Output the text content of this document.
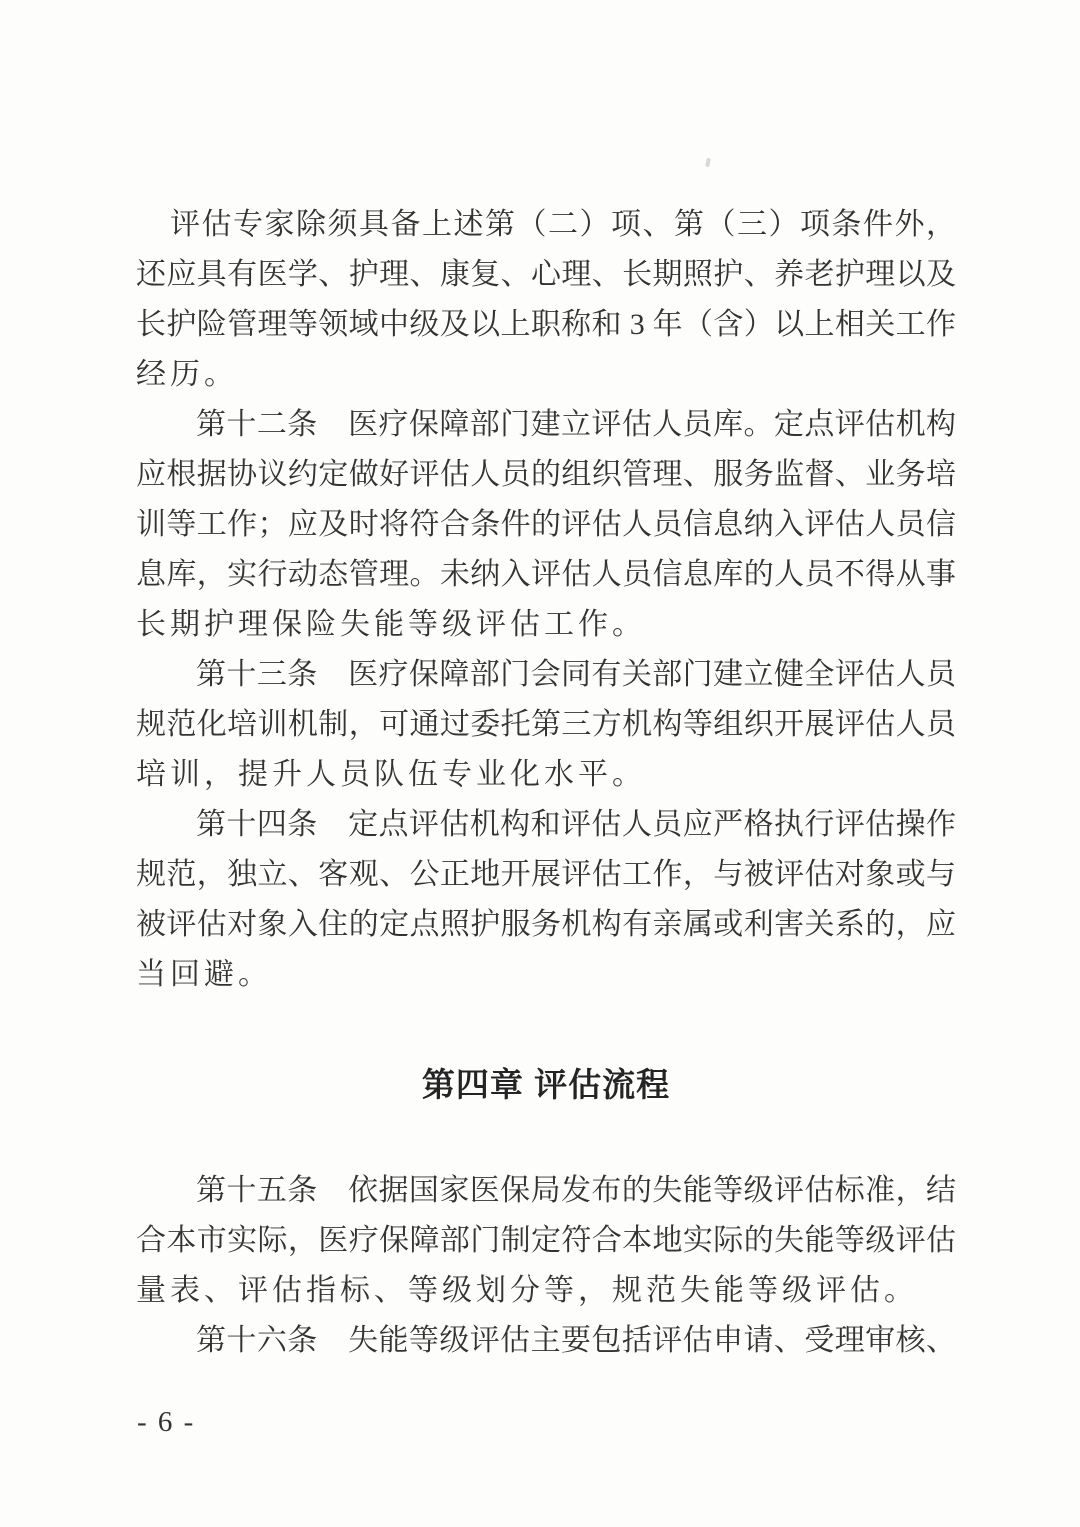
评估专家除须具备上述第（二）项、第（三）项条件外，
还应具有医学、护理、康复、心理、长期照护、养老护理以及
长护险管理等领域中级及以上职称和 3 年（含）以上相关工作
经历。
第十二条　医疗保障部门建立评估人员库。定点评估机构
应根据协议约定做好评估人员的组织管理、服务监督、业务培
训等工作；应及时将符合条件的评估人员信息纳入评估人员信
息库，实行动态管理。未纳入评估人员信息库的人员不得从事
长期护理保险失能等级评估工作。
第十三条　医疗保障部门会同有关部门建立健全评估人员
规范化培训机制，可通过委托第三方机构等组织开展评估人员
培训，提升人员队伍专业化水平。
第十四条　定点评估机构和评估人员应严格执行评估操作
规范，独立、客观、公正地开展评估工作，与被评估对象或与
被评估对象入住的定点照护服务机构有亲属或利害关系的，应
当回避。
第四章 评估流程
第十五条　依据国家医保局发布的失能等级评估标准，结
合本市实际，医疗保障部门制定符合本地实际的失能等级评估
量表、评估指标、等级划分等，规范失能等级评估。
第十六条　失能等级评估主要包括评估申请、受理审核、
- 6 -
